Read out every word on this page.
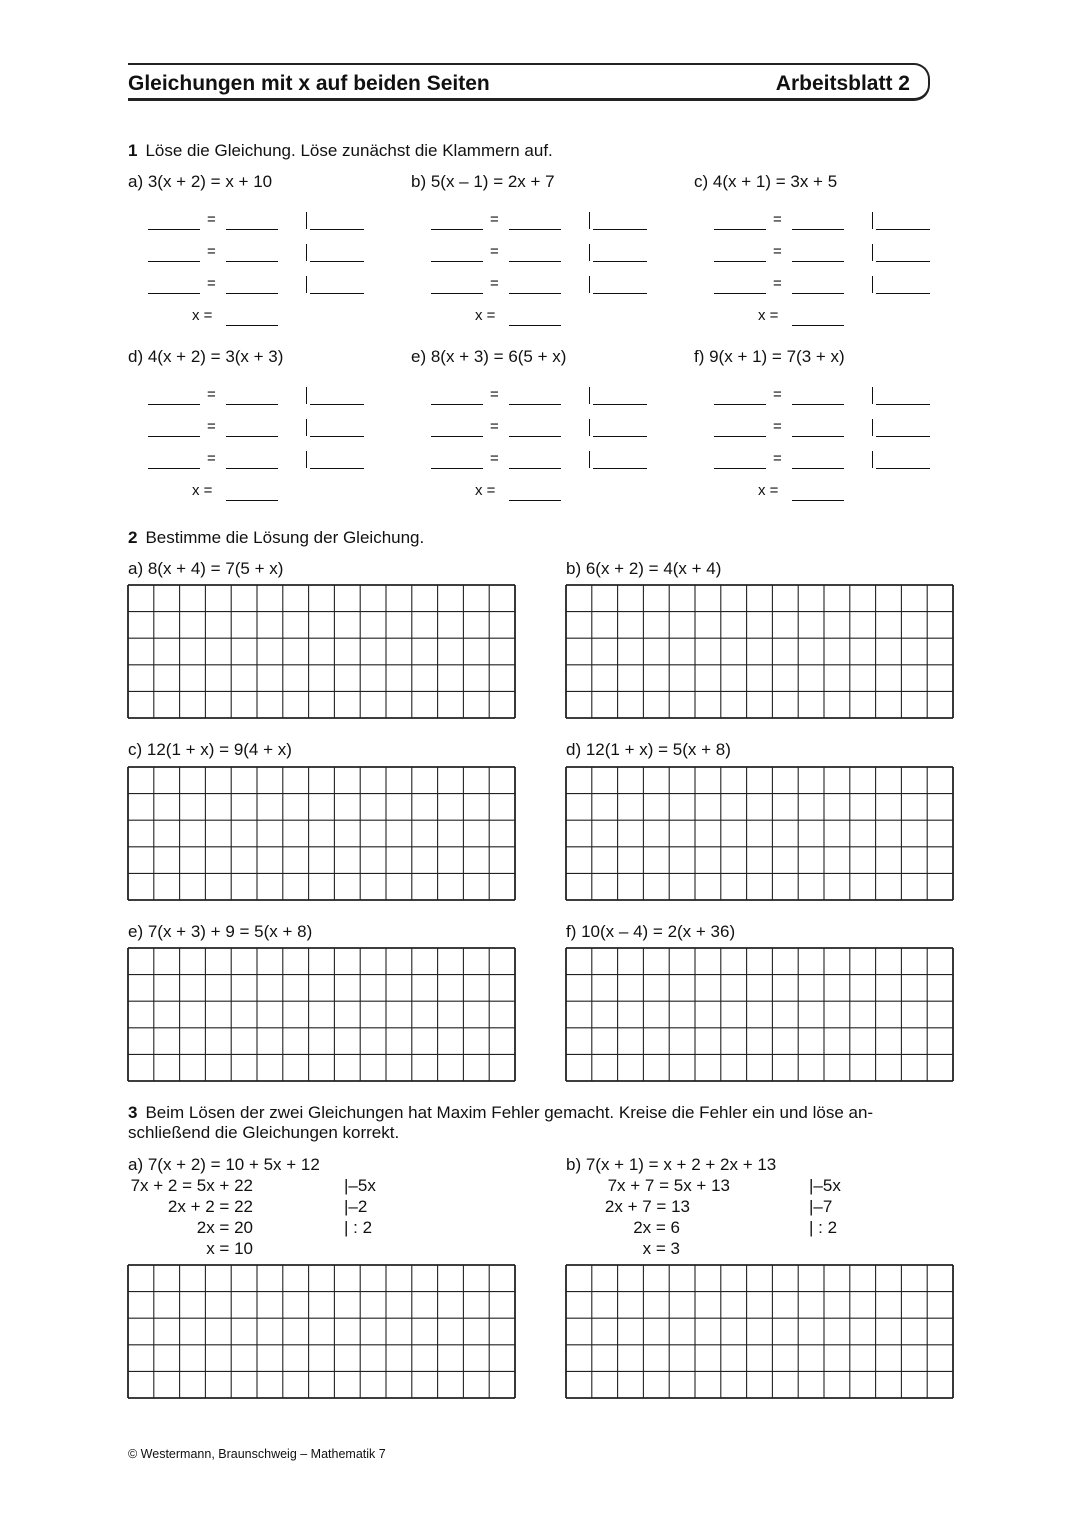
Gleichungen mit x auf beiden Seiten	Arbeitsblatt 2
1 Löse die Gleichung. Löse zunächst die Klammern auf.
a) 3(x + 2) = x + 10	b) 5(x – 1) = 2x + 7	c) 4(x + 1) = 3x + 5
d) 4(x + 2) = 3(x + 3)	e) 8(x + 3) = 6(5 + x)	f) 9(x + 1) = 7(3 + x)
=
=
=
x =
=
=
=
x =
=
=
=
x =
=
=
=
x =
=
=
=
x =
=
=
=
x =
2 Bestimme die Lösung der Gleichung.
a) 8(x + 4) = 7(5 + x)	b) 6(x + 2) = 4(x + 4)
c) 12(1 + x) = 9(4 + x)	d) 12(1 + x) = 5(x + 8)
e) 7(x + 3) + 9 = 5(x + 8)	f) 10(x – 4) = 2(x + 36)
3 Beim Lösen der zwei Gleichungen hat Maxim Fehler gemacht. Kreise die Fehler ein und löse an-
schließend die Gleichungen korrekt.
a) 7(x + 2) = 10 + 5x + 12
7x + 2 = 5x + 22	|–5x
2x + 2 = 22	|–2
2x = 20	| : 2
x = 10
b) 7(x + 1) = x + 2 + 2x + 13
7x + 7 = 5x + 13	|–5x
2x + 7 = 13	|–7
2x = 6	| : 2
x = 3
© Westermann, Braunschweig – Mathematik 7
